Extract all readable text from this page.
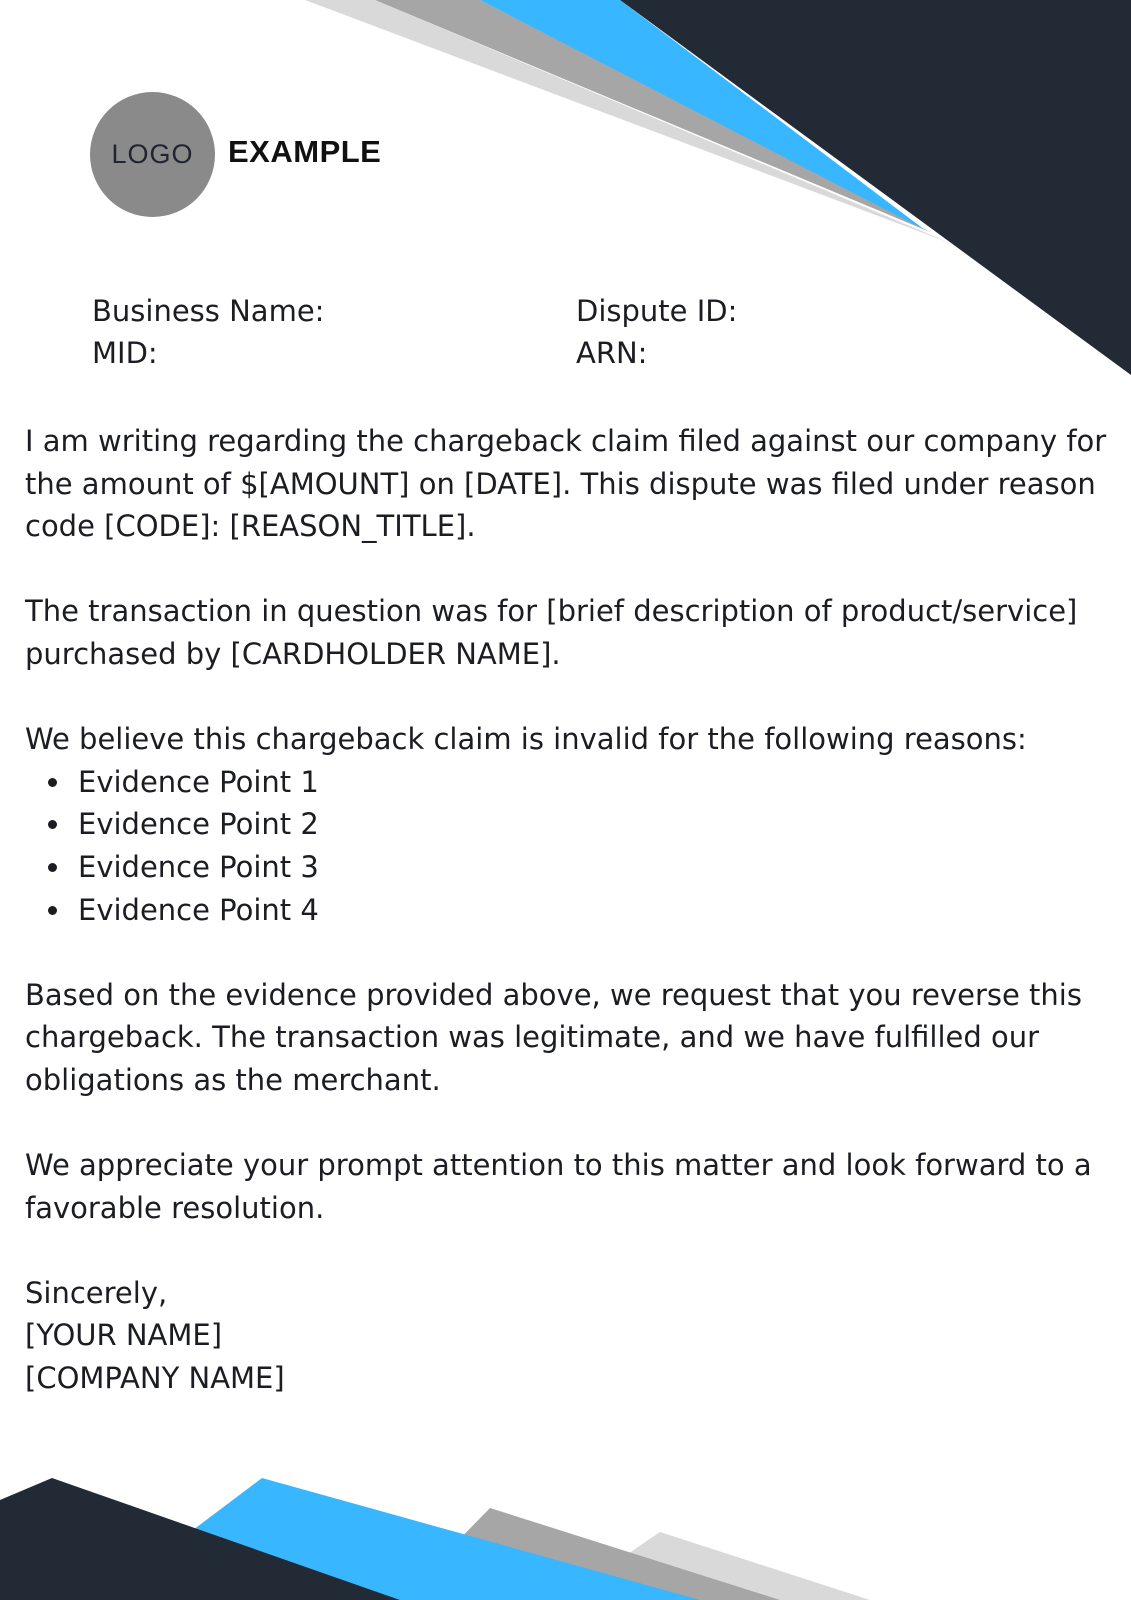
LOGO EXAMPLE
Business Name:
MID:
Dispute ID:
ARN:

I am writing regarding the chargeback claim filed against our company for the amount of $[AMOUNT] on [DATE]. This dispute was filed under reason code [CODE]: [REASON_TITLE].

The transaction in question was for [brief description of product/service] purchased by [CARDHOLDER NAME].

We believe this chargeback claim is invalid for the following reasons:

Evidence Point 1
Evidence Point 2
Evidence Point 3
Evidence Point 4

Based on the evidence provided above, we request that you reverse this chargeback. The transaction was legitimate, and we have fulfilled our obligations as the merchant.

We appreciate your prompt attention to this matter and look forward to a favorable resolution.

Sincerely,
[YOUR NAME]
[COMPANY NAME]
